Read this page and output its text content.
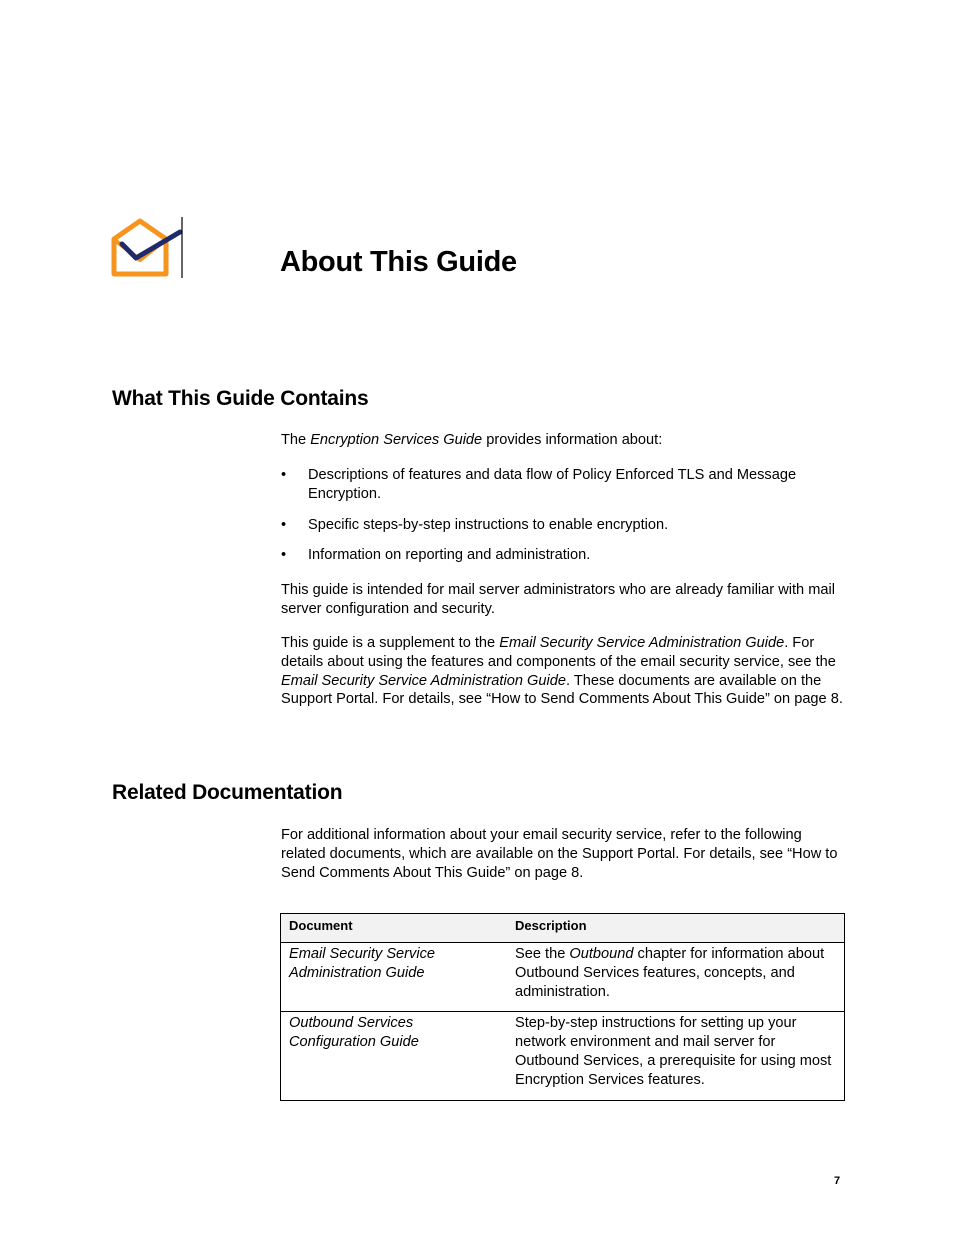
About This Guide
What This Guide Contains

The Encryption Services Guide provides information about:

• Descriptions of features and data flow of Policy Enforced TLS and Message Encryption.
• Specific steps-by-step instructions to enable encryption.
• Information on reporting and administration.

This guide is intended for mail server administrators who are already familiar with mail server configuration and security.

This guide is a supplement to the Email Security Service Administration Guide. For details about using the features and components of the email security service, see the Email Security Service Administration Guide. These documents are available on the Support Portal. For details, see “How to Send Comments About This Guide” on page 8.

Related Documentation

For additional information about your email security service, refer to the following related documents, which are available on the Support Portal. For details, see “How to Send Comments About This Guide” on page 8.

Document	Description
Email Security Service Administration Guide	See the Outbound chapter for information about Outbound Services features, concepts, and administration.
Outbound Services Configuration Guide	Step-by-step instructions for setting up your network environment and mail server for Outbound Services, a prerequisite for using most Encryption Services features.
7
